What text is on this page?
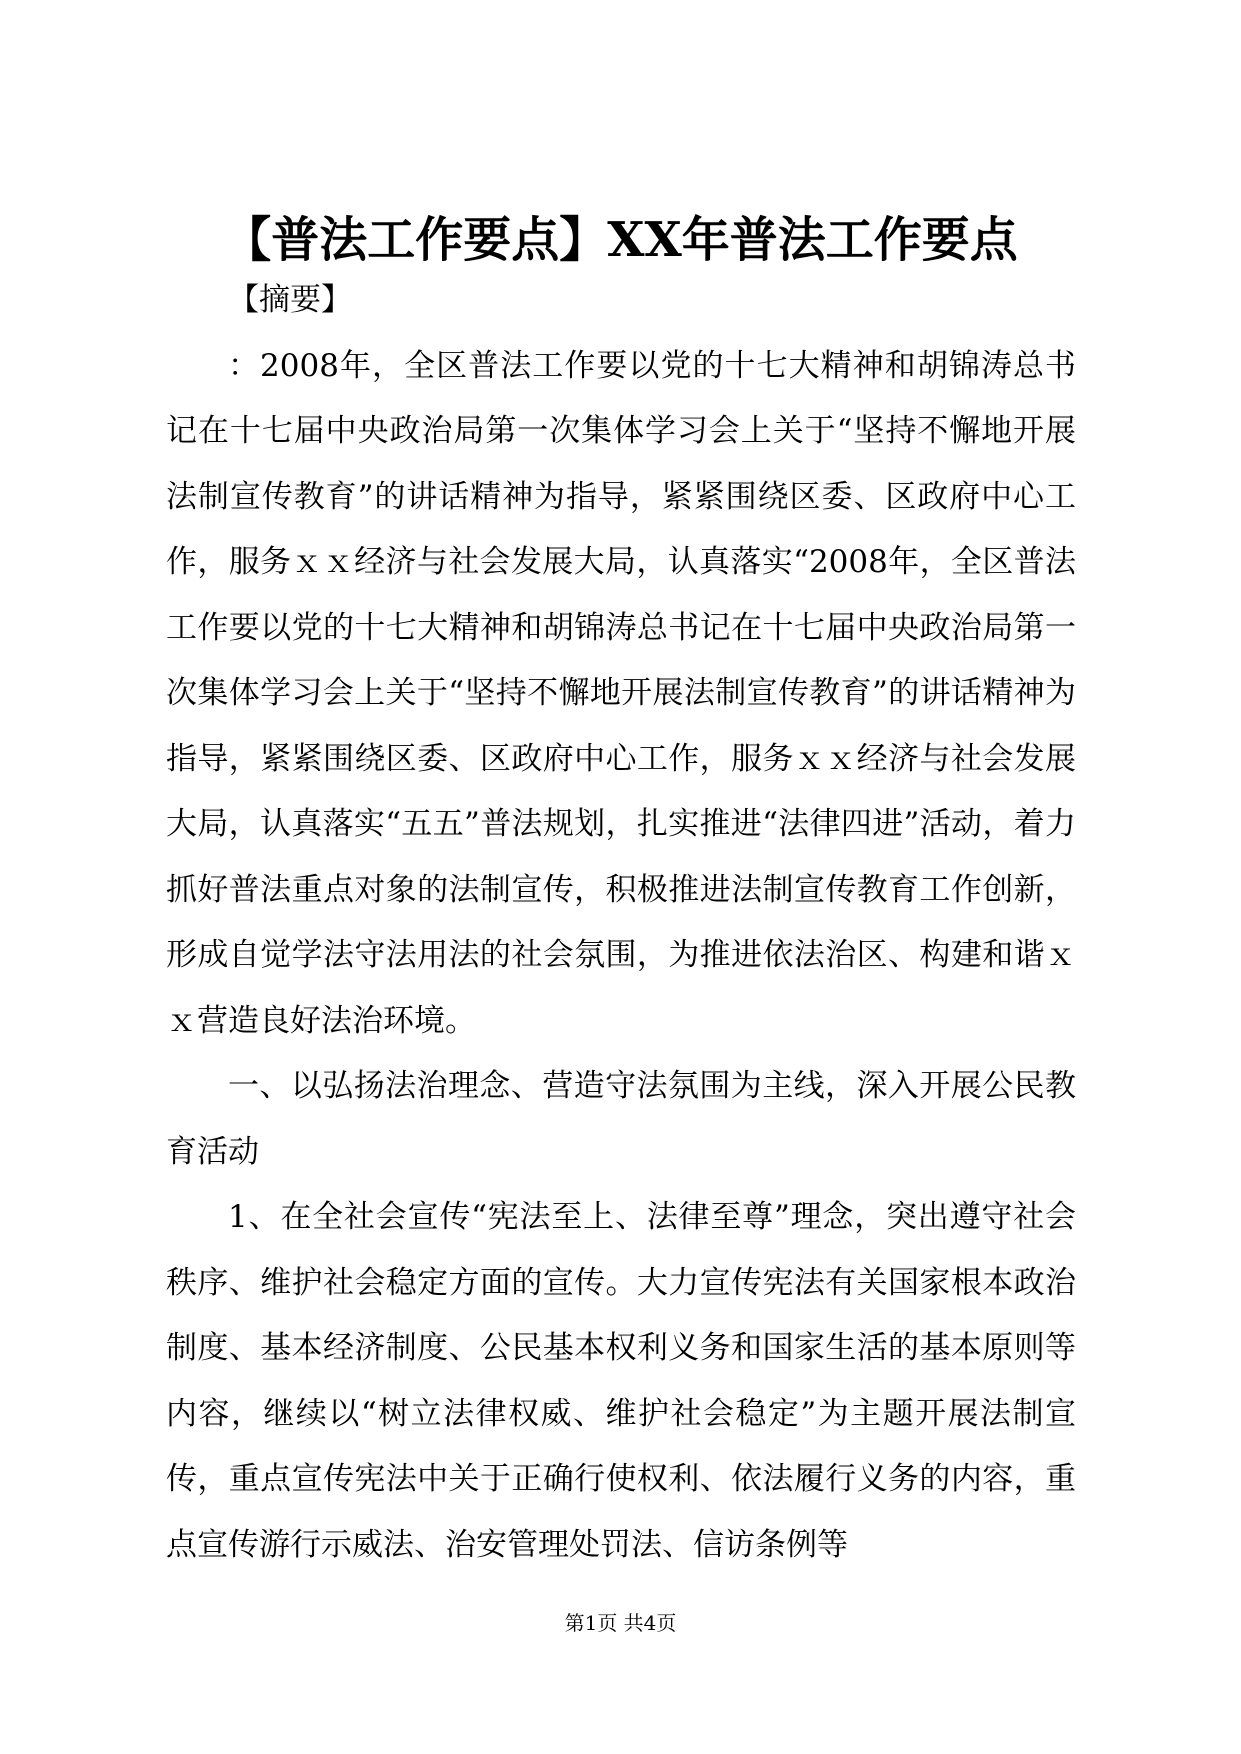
【普法工作要点】XX年普法工作要点

【摘要】

：2008年，全区普法工作要以党的十七大精神和胡锦涛总书记在十七届中央政治局第一次集体学习会上关于“坚持不懈地开展法制宣传教育”的讲话精神为指导，紧紧围绕区委、区政府中心工作，服务ｘｘ经济与社会发展大局，认真落实“2008年，全区普法工作要以党的十七大精神和胡锦涛总书记在十七届中央政治局第一次集体学习会上关于“坚持不懈地开展法制宣传教育”的讲话精神为指导，紧紧围绕区委、区政府中心工作，服务ｘｘ经济与社会发展大局，认真落实“五五”普法规划，扎实推进“法律四进”活动，着力抓好普法重点对象的法制宣传，积极推进法制宣传教育工作创新，形成自觉学法守法用法的社会氛围，为推进依法治区、构建和谐ｘｘ营造良好法治环境。

一、以弘扬法治理念、营造守法氛围为主线，深入开展公民教育活动

1、在全社会宣传“宪法至上、法律至尊”理念，突出遵守社会秩序、维护社会稳定方面的宣传。大力宣传宪法有关国家根本政治制度、基本经济制度、公民基本权利义务和国家生活的基本原则等内容，继续以“树立法律权威、维护社会稳定”为主题开展法制宣传，重点宣传宪法中关于正确行使权利、依法履行义务的内容，重点宣传游行示威法、治安管理处罚法、信访条例等

第1页 共4页
